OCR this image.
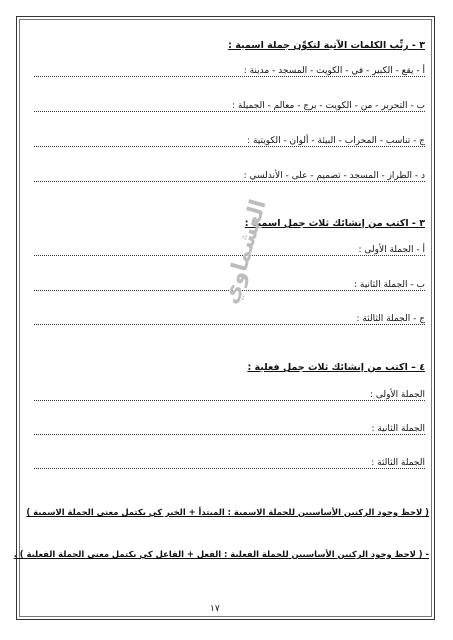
٣ - رتِّب الكلمات الآتية لتكوِّن جملة اسمية :
أ - يقع - الكبير - في - الكويت - المسجد - مدينة :
ب - التحرير - من - الكويت - برج - معالم - الجميلة :
ج - تناسب - المحراب - البيئة - ألوان - الكويتية :
د - الطراز - المسجد - تصميم - على - الأندلسي :
٣ - اكتب من إنشائك ثلاث جمل اسمية :
أ - الجملة الأولى :
ب - الجملة الثانية :
ج - الجملة الثالثة :
٤ – اكتب من إنشائك ثلاث جمل فعلية :
الجملة الأولى :
الجملة الثانية :
الجملة الثالثة :
( لاحظ وجود الركنين الأساسيين للجملة الاسمية : المبتدأ + الخبر كي يكتمل معنى الجملة الاسمية )
- ( لاحظ وجود الركنين الأساسيين للجملة الفعلية : الفعل + الفاعل كي يكتمل معنى الجملة الفعلية ) .
العشماوي
١٧
